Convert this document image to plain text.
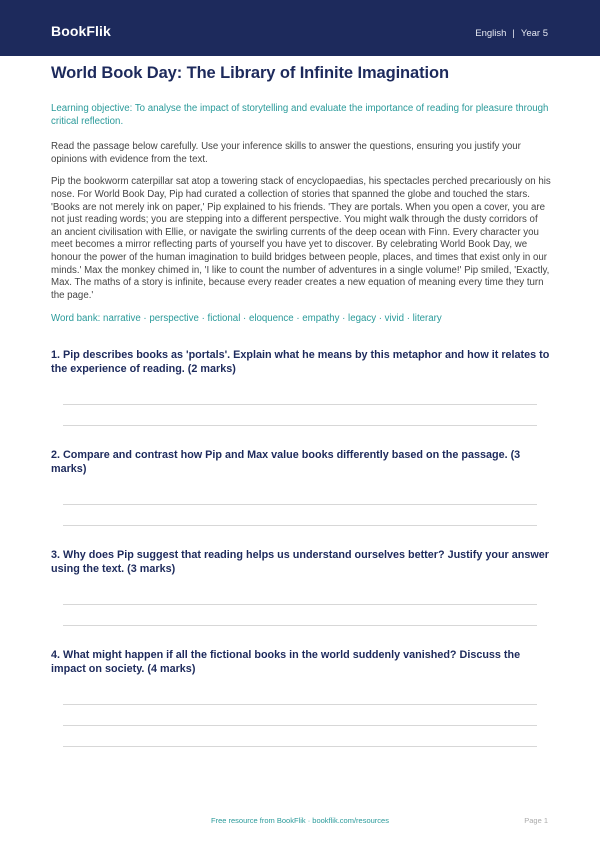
BookFlik	English | Year 5
World Book Day: The Library of Infinite Imagination

Learning objective: To analyse the impact of storytelling and evaluate the importance of reading for pleasure through critical reflection.

Read the passage below carefully. Use your inference skills to answer the questions, ensuring you justify your opinions with evidence from the text.

Pip the bookworm caterpillar sat atop a towering stack of encyclopaedias, his spectacles perched precariously on his nose. For World Book Day, Pip had curated a collection of stories that spanned the globe and touched the stars. 'Books are not merely ink on paper,' Pip explained to his friends. 'They are portals. When you open a cover, you are not just reading words; you are stepping into a different perspective. You might walk through the dusty corridors of an ancient civilisation with Ellie, or navigate the swirling currents of the deep ocean with Finn. Every character you meet becomes a mirror reflecting parts of yourself you have yet to discover. By celebrating World Book Day, we honour the power of the human imagination to build bridges between people, places, and times that exist only in our minds.' Max the monkey chimed in, 'I like to count the number of adventures in a single volume!' Pip smiled, 'Exactly, Max. The maths of a story is infinite, because every reader creates a new equation of meaning every time they turn the page.'

Word bank: narrative · perspective · fictional · eloquence · empathy · legacy · vivid · literary

1. Pip describes books as 'portals'. Explain what he means by this metaphor and how it relates to the experience of reading. (2 marks)

2. Compare and contrast how Pip and Max value books differently based on the passage. (3 marks)

3. Why does Pip suggest that reading helps us understand ourselves better? Justify your answer using the text. (3 marks)

4. What might happen if all the fictional books in the world suddenly vanished? Discuss the impact on society. (4 marks)

Free resource from BookFlik · bookflik.com/resources	Page 1
